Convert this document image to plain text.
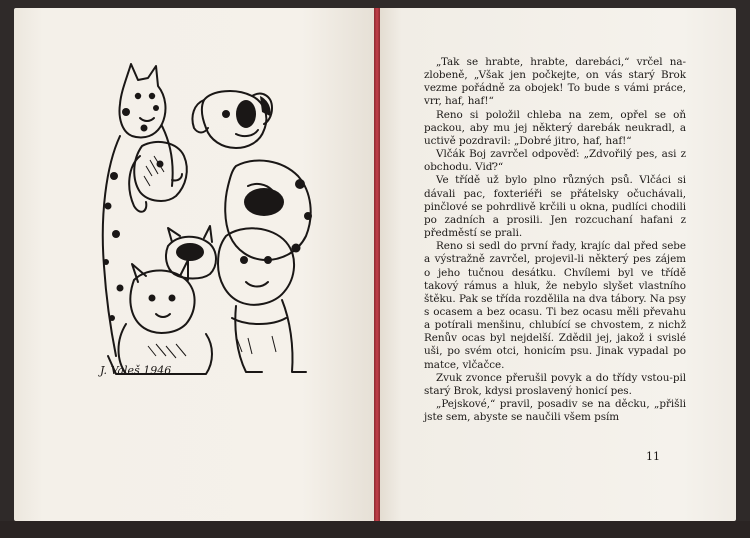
J. Valeš 1946

„Tak se hrabte, hrabte, darebáci,“ vrčel na-zlobeně, „Však jen počkejte, on vás starý Brok vezme pořádně za obojek! To bude s vámi práce, vrr, haf, haf!“

Reno si položil chleba na zem, opřel se oň packou, aby mu jej některý darebák neukradl, a uctivě pozdravil: „Dobré jitro, haf, haf!“

Vlčák Boj zavrčel odpověď: „Zdvořilý pes, asi z obchodu. Viď?“

Ve třídě už bylo plno různých psů. Vlčáci si dávali pac, foxteriéři se přátelsky očuchávali, pinčlové se pohrdlivě krčili u okna, pudlíci chodili po zadních a prosili. Jen rozcuchaní hafani z předměstí se prali.

Reno si sedl do první řady, krajíc dal před sebe a výstražně zavrčel, projevil-li některý pes zájem o jeho tučnou desátku. Chvílemi byl ve třídě takový rámus a hluk, že nebylo slyšet vlastního štěku. Pak se třída rozdělila na dva tábory. Na psy s ocasem a bez ocasu. Ti bez ocasu měli převahu a potírali menšinu, chlubící se chvostem, z nichž Renův ocas byl nejdelší. Zdědil jej, jakož i svislé uši, po svém otci, honicím psu. Jinak vypadal po matce, vlčačce.

Zvuk zvonce přerušil povyk a do třídy vstou-pil starý Brok, kdysi proslavený honicí pes.

„Pejskové,“ pravil, posadiv se na děcku, „přišli jste sem, abyste se naučili všem psím

11
